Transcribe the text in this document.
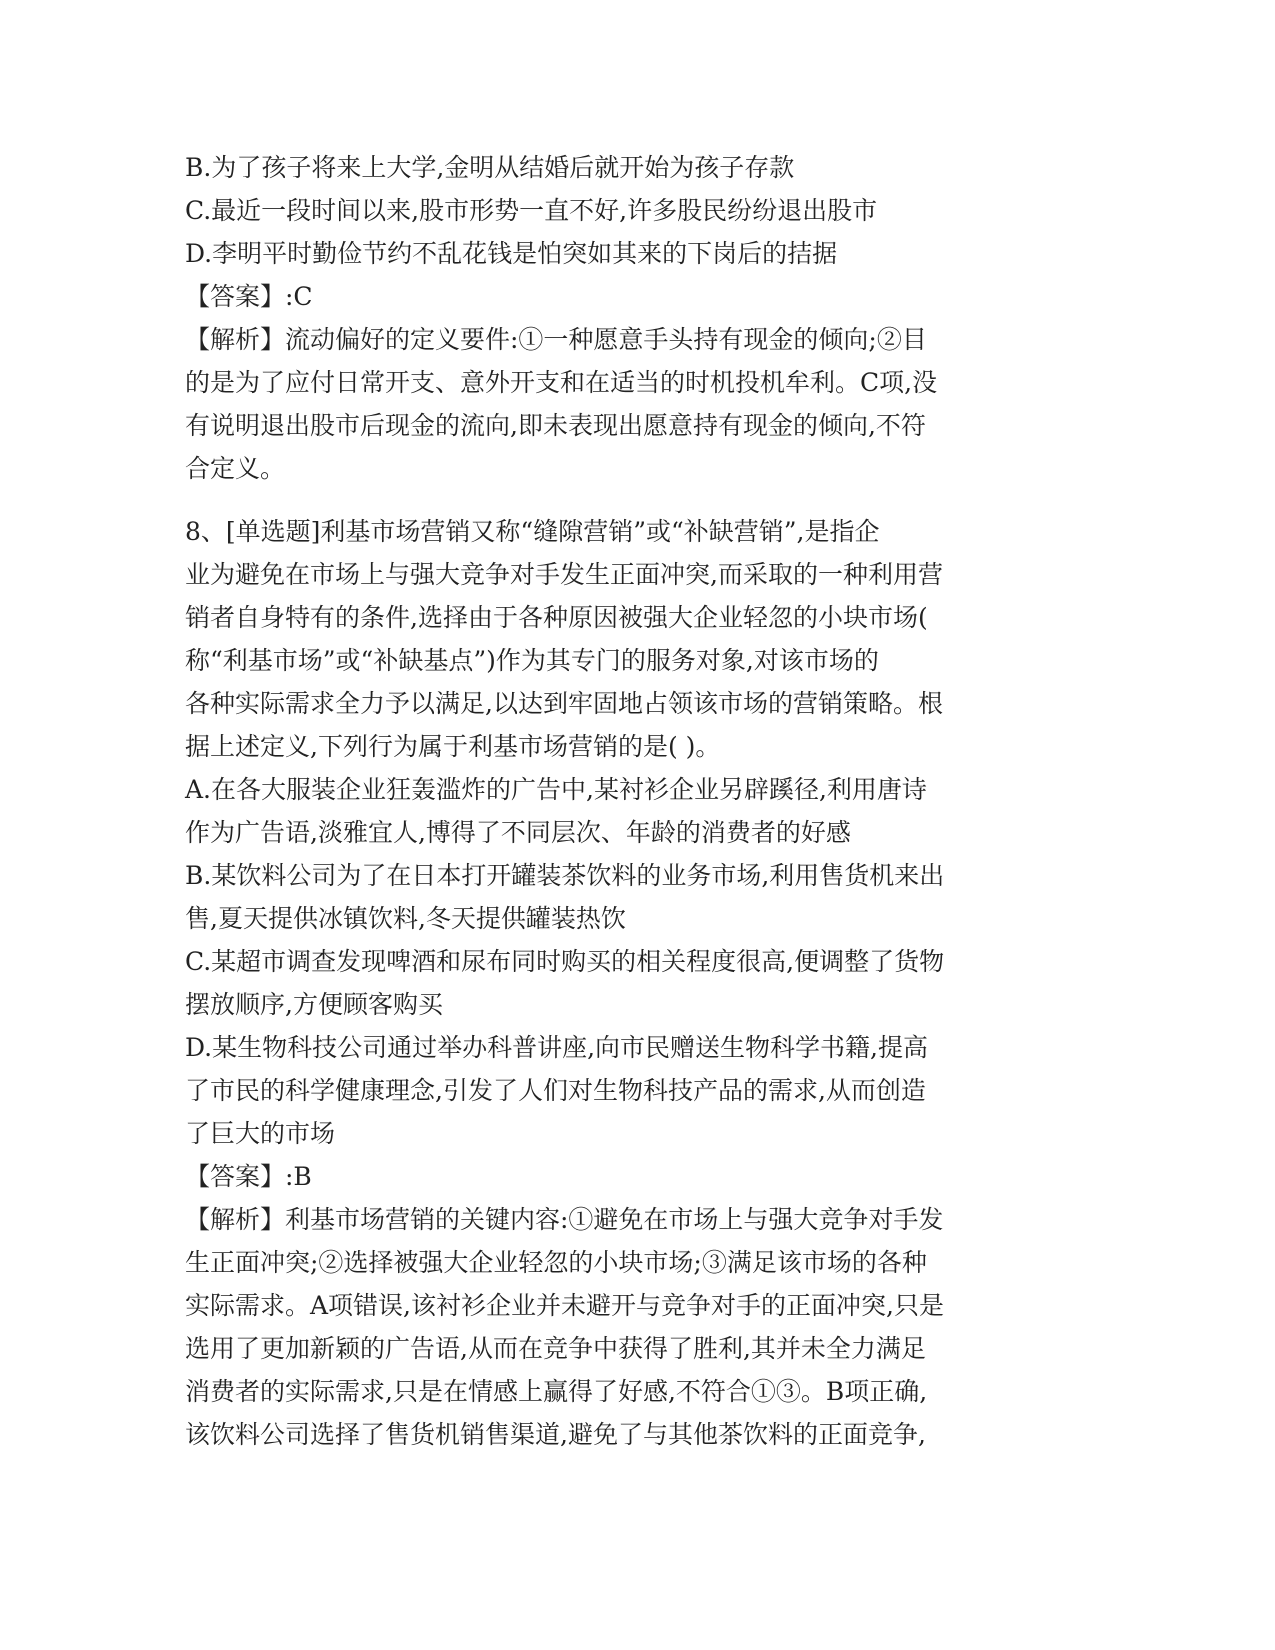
B.为了孩子将来上大学,金明从结婚后就开始为孩子存款
C.最近一段时间以来,股市形势一直不好,许多股民纷纷退出股市
D.李明平时勤俭节约不乱花钱是怕突如其来的下岗后的拮据
【答案】:C
【解析】流动偏好的定义要件:①一种愿意手头持有现金的倾向;②目
的是为了应付日常开支、意外开支和在适当的时机投机牟利。C项,没
有说明退出股市后现金的流向,即未表现出愿意持有现金的倾向,不符
合定义。
8、[单选题]利基市场营销又称“缝隙营销”或“补缺营销”,是指企
业为避免在市场上与强大竞争对手发生正面冲突,而采取的一种利用营
销者自身特有的条件,选择由于各种原因被强大企业轻忽的小块市场(
称“利基市场”或“补缺基点”)作为其专门的服务对象,对该市场的
各种实际需求全力予以满足,以达到牢固地占领该市场的营销策略。根
据上述定义,下列行为属于利基市场营销的是( )。
A.在各大服装企业狂轰滥炸的广告中,某衬衫企业另辟蹊径,利用唐诗
作为广告语,淡雅宜人,博得了不同层次、年龄的消费者的好感
B.某饮料公司为了在日本打开罐装茶饮料的业务市场,利用售货机来出
售,夏天提供冰镇饮料,冬天提供罐装热饮
C.某超市调查发现啤酒和尿布同时购买的相关程度很高,便调整了货物
摆放顺序,方便顾客购买
D.某生物科技公司通过举办科普讲座,向市民赠送生物科学书籍,提高
了市民的科学健康理念,引发了人们对生物科技产品的需求,从而创造
了巨大的市场
【答案】:B
【解析】利基市场营销的关键内容:①避免在市场上与强大竞争对手发
生正面冲突;②选择被强大企业轻忽的小块市场;③满足该市场的各种
实际需求。A项错误,该衬衫企业并未避开与竞争对手的正面冲突,只是
选用了更加新颖的广告语,从而在竞争中获得了胜利,其并未全力满足
消费者的实际需求,只是在情感上赢得了好感,不符合①③。B项正确,
该饮料公司选择了售货机销售渠道,避免了与其他茶饮料的正面竞争,
